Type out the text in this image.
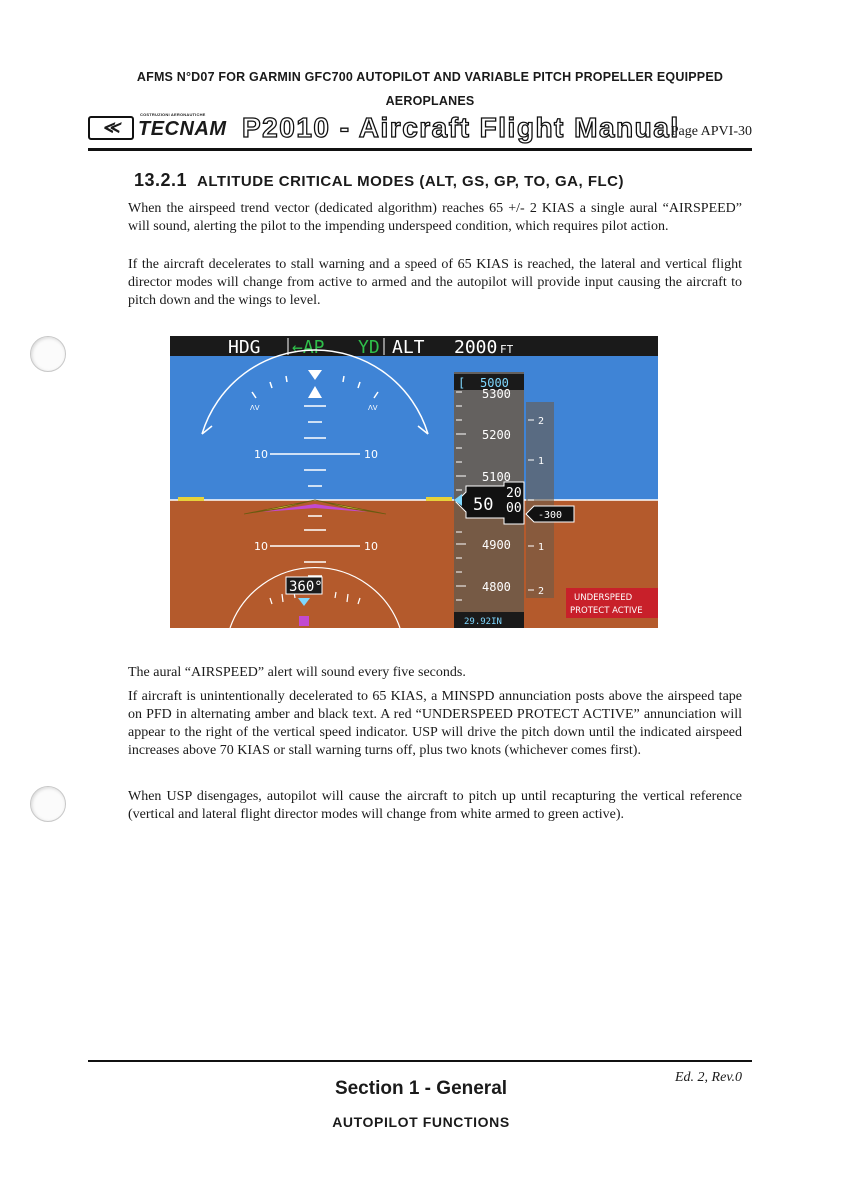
AFMS N°D07 FOR GARMIN GFC700 AUTOPILOT AND VARIABLE PITCH PROPELLER EQUIPPED
AEROPLANES
≪
COSTRUZIONI AERONAUTICHE
TECNAM P2010 - Aircraft Flight Manual
Page APVI-30
13.2.1 ALTITUDE CRITICAL MODES (ALT, GS, GP, TO, GA, FLC)
When the airspeed trend vector (dedicated algorithm) reaches 65 +/- 2 KIAS a single aural “AIRSPEED” will sound, alerting the pilot to the impending underspeed condition, which requires pilot action.
If the aircraft decelerates to stall warning and a speed of 65 KIAS is reached, the lateral and vertical flight director modes will change from active to armed and the autopilot will provide input causing the aircraft to pitch down and the wings to level.
HDG ←AP YD ALT 2000 FT
ɅV	ɅV
10	10
10	10
360°
[ 5000
5300
5200
5100
4900
4800
50
20
00
29.92IN
2
1
1
2
-300
UNDERSPEED
PROTECT ACTIVE
The aural “AIRSPEED” alert will sound every five seconds.
If aircraft is unintentionally decelerated to 65 KIAS, a MINSPD annunciation posts above the airspeed tape on PFD in alternating amber and black text. A red “UNDERSPEED PROTECT ACTIVE” annunciation will appear to the right of the vertical speed indicator. USP will drive the pitch down until the indicated airspeed increases above 70 KIAS or stall warning turns off, plus two knots (whichever comes first).
When USP disengages, autopilot will cause the aircraft to pitch up until recapturing the vertical reference (vertical and lateral flight director modes will change from white armed to green active).
Ed. 2, Rev.0
Section 1 - General
AUTOPILOT FUNCTIONS
